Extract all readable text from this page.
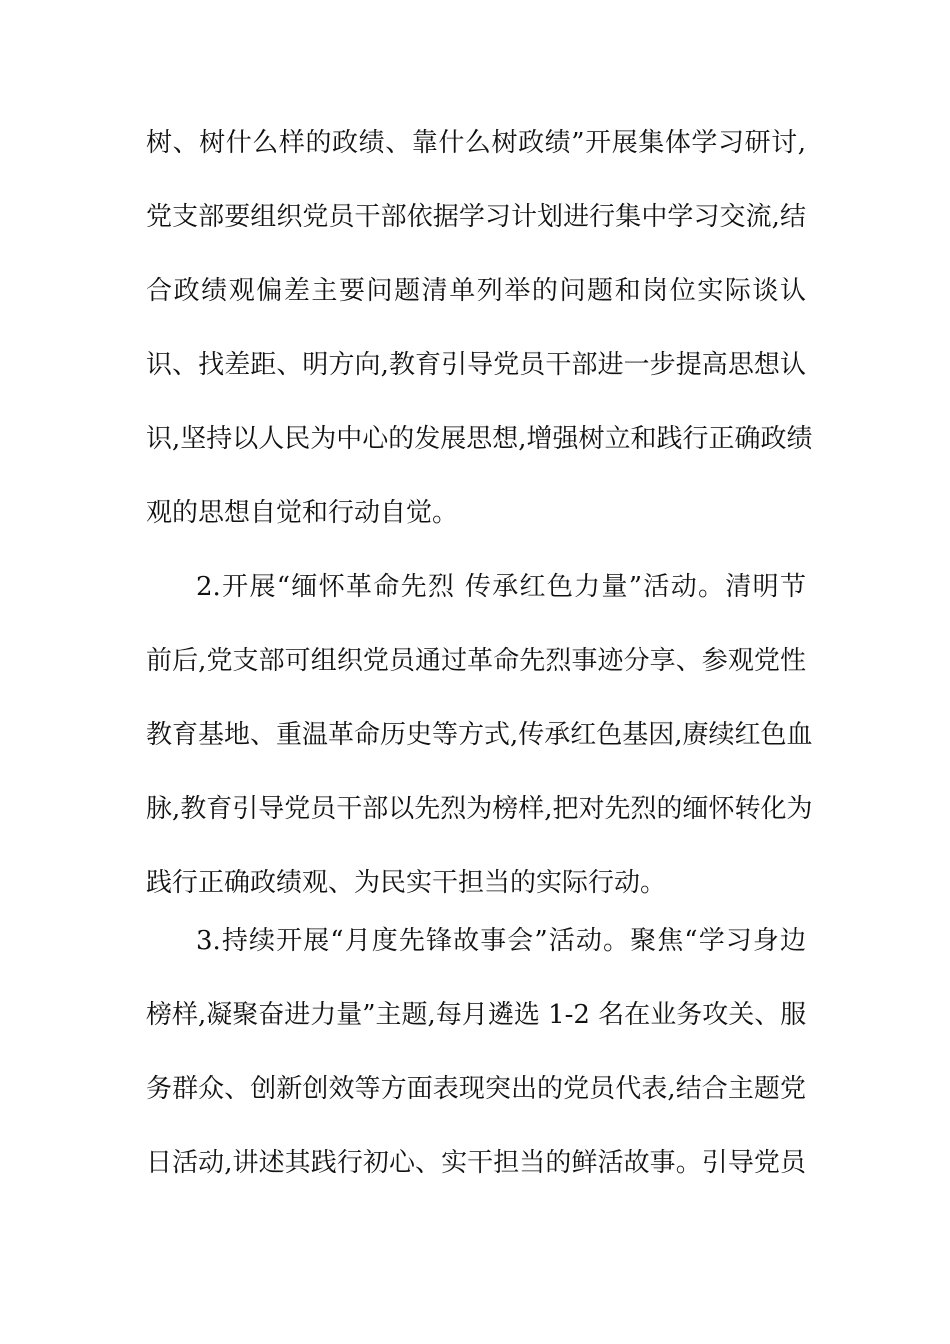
树、树什么样的政绩、靠什么树政绩”开展集体学习研讨,
党支部要组织党员干部依据学习计划进行集中学习交流,结
合政绩观偏差主要问题清单列举的问题和岗位实际谈认
识、找差距、明方向,教育引导党员干部进一步提高思想认
识,坚持以人民为中心的发展思想,增强树立和践行正确政绩
观的思想自觉和行动自觉。
2.开展“缅怀革命先烈 传承红色力量”活动。清明节
前后,党支部可组织党员通过革命先烈事迹分享、参观党性
教育基地、重温革命历史等方式,传承红色基因,赓续红色血
脉,教育引导党员干部以先烈为榜样,把对先烈的缅怀转化为
践行正确政绩观、为民实干担当的实际行动。
3.持续开展“月度先锋故事会”活动。聚焦“学习身边
榜样,凝聚奋进力量”主题,每月遴选 1-2 名在业务攻关、服
务群众、创新创效等方面表现突出的党员代表,结合主题党
日活动,讲述其践行初心、实干担当的鲜活故事。引导党员
